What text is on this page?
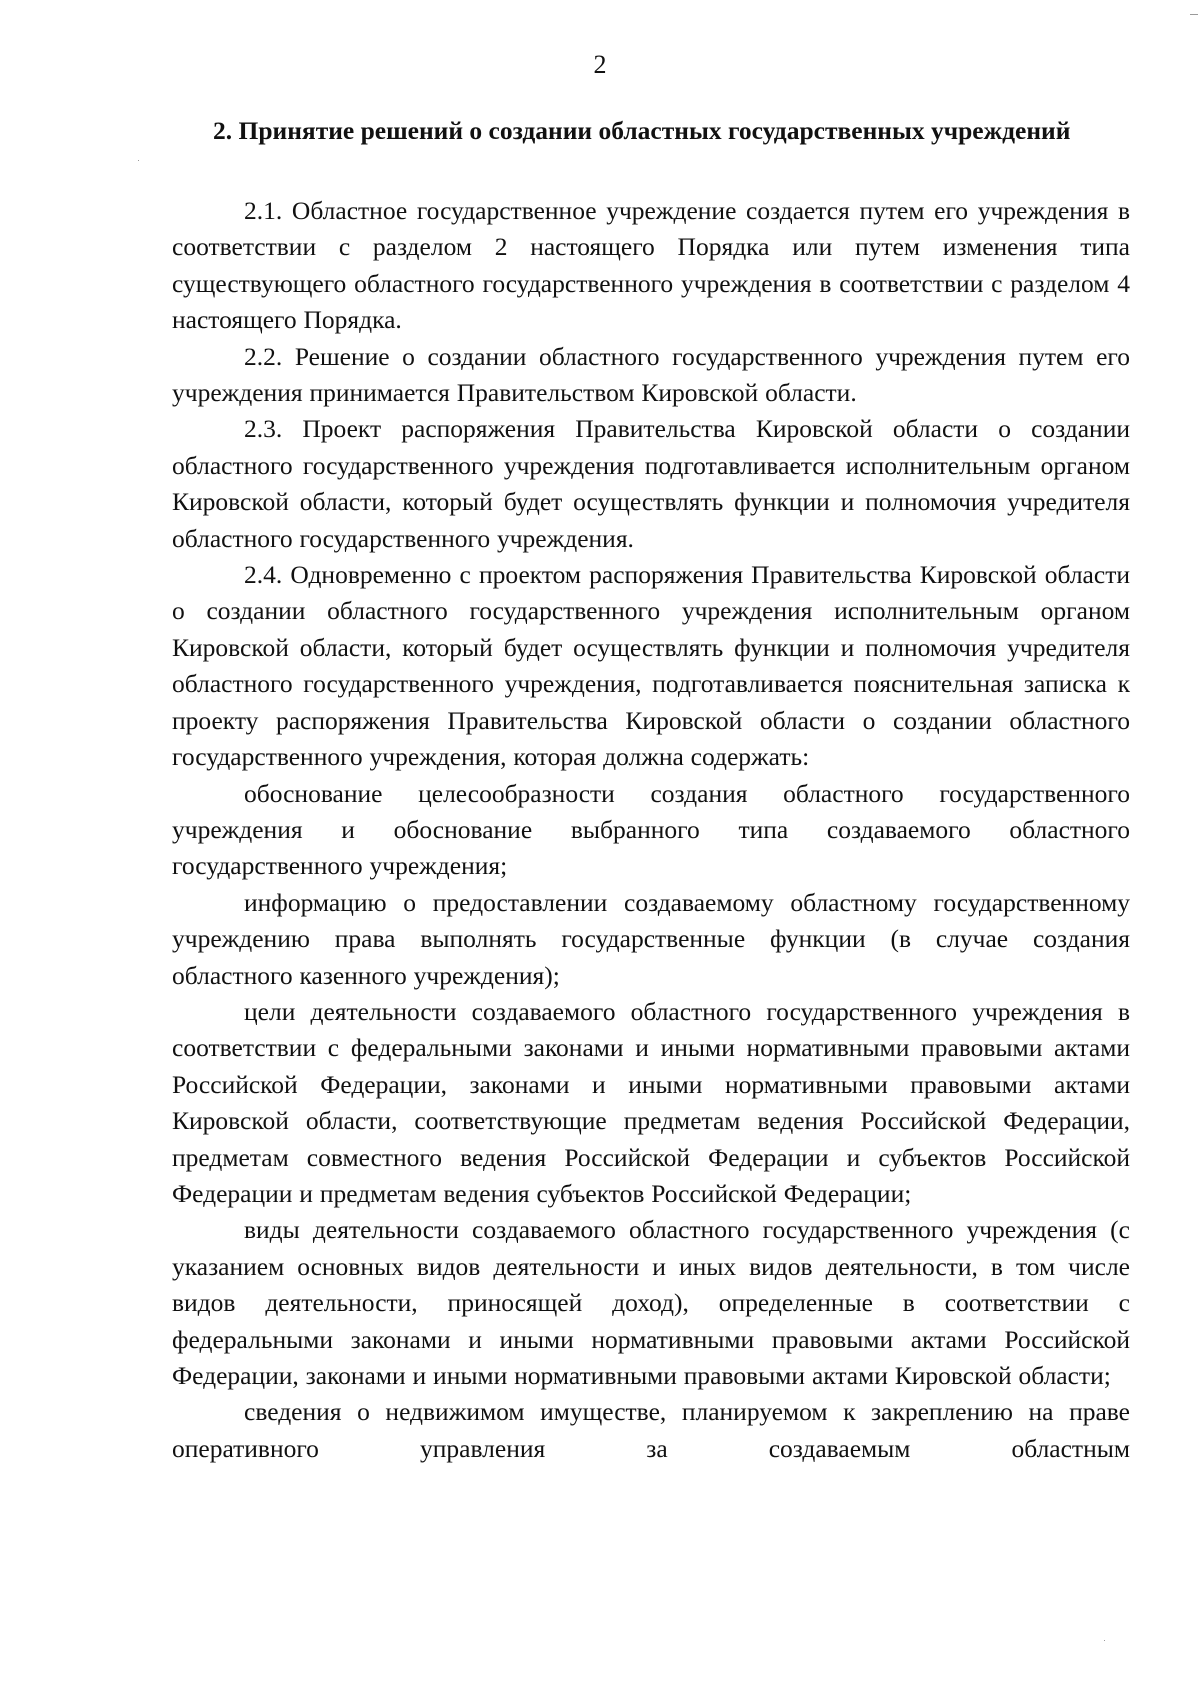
2
2. Принятие решений о создании областных государственных учреждений

2.1. Областное государственное учреждение создается путем его учреждения в соответствии с разделом 2 настоящего Порядка или путем изменения типа существующего областного государственного учреждения в соответствии с разделом 4 настоящего Порядка.

2.2. Решение о создании областного государственного учреждения путем его учреждения принимается Правительством Кировской области.

2.3. Проект распоряжения Правительства Кировской области о создании областного государственного учреждения подготавливается исполнительным органом Кировской области, который будет осуществлять функции и полномочия учредителя областного государственного учреждения.

2.4. Одновременно с проектом распоряжения Правительства Кировской области о создании областного государственного учреждения исполнительным органом Кировской области, который будет осуществлять функции и полномочия учредителя областного государственного учреждения, подготавливается пояснительная записка к проекту распоряжения Правительства Кировской области о создании областного государственного учреждения, которая должна содержать:

обоснование целесообразности создания областного государственного учреждения и обоснование выбранного типа создаваемого областного государственного учреждения;

информацию о предоставлении создаваемому областному государственному учреждению права выполнять государственные функции (в случае создания областного казенного учреждения);

цели деятельности создаваемого областного государственного учреждения в соответствии с федеральными законами и иными нормативными правовыми актами Российской Федерации, законами и иными нормативными правовыми актами Кировской области, соответствующие предметам ведения Российской Федерации, предметам совместного ведения Российской Федерации и субъектов Российской Федерации и предметам ведения субъектов Российской Федерации;

виды деятельности создаваемого областного государственного учреждения (с указанием основных видов деятельности и иных видов деятельности, в том числе видов деятельности, приносящей доход), определенные в соответствии с федеральными законами и иными нормативными правовыми актами Российской Федерации, законами и иными нормативными правовыми актами Кировской области;

сведения о недвижимом имуществе, планируемом к закреплению на праве оперативного управления за создаваемым областным
